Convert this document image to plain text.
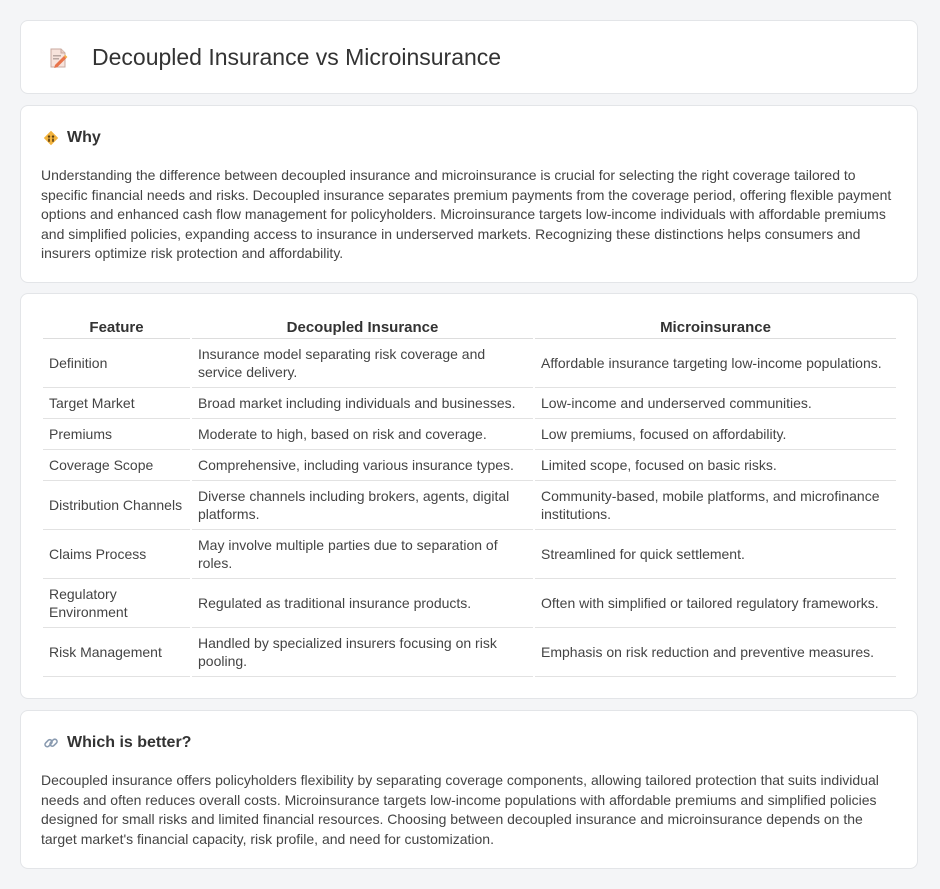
Decoupled Insurance vs Microinsurance
Why

Understanding the difference between decoupled insurance and microinsurance is crucial for selecting the right coverage tailored to specific financial needs and risks. Decoupled insurance separates premium payments from the coverage period, offering flexible payment options and enhanced cash flow management for policyholders. Microinsurance targets low-income individuals with affordable premiums and simplified policies, expanding access to insurance in underserved markets. Recognizing these distinctions helps consumers and insurers optimize risk protection and affordability.

Feature	Decoupled Insurance	Microinsurance
Definition	Insurance model separating risk coverage and service delivery.	Affordable insurance targeting low-income populations.
Target Market	Broad market including individuals and businesses.	Low-income and underserved communities.
Premiums	Moderate to high, based on risk and coverage.	Low premiums, focused on affordability.
Coverage Scope	Comprehensive, including various insurance types.	Limited scope, focused on basic risks.
Distribution Channels	Diverse channels including brokers, agents, digital platforms.	Community-based, mobile platforms, and microfinance institutions.
Claims Process	May involve multiple parties due to separation of roles.	Streamlined for quick settlement.
Regulatory Environment	Regulated as traditional insurance products.	Often with simplified or tailored regulatory frameworks.
Risk Management	Handled by specialized insurers focusing on risk pooling.	Emphasis on risk reduction and preventive measures.
Which is better?

Decoupled insurance offers policyholders flexibility by separating coverage components, allowing tailored protection that suits individual needs and often reduces overall costs. Microinsurance targets low-income populations with affordable premiums and simplified policies designed for small risks and limited financial resources. Choosing between decoupled insurance and microinsurance depends on the target market's financial capacity, risk profile, and need for customization.
